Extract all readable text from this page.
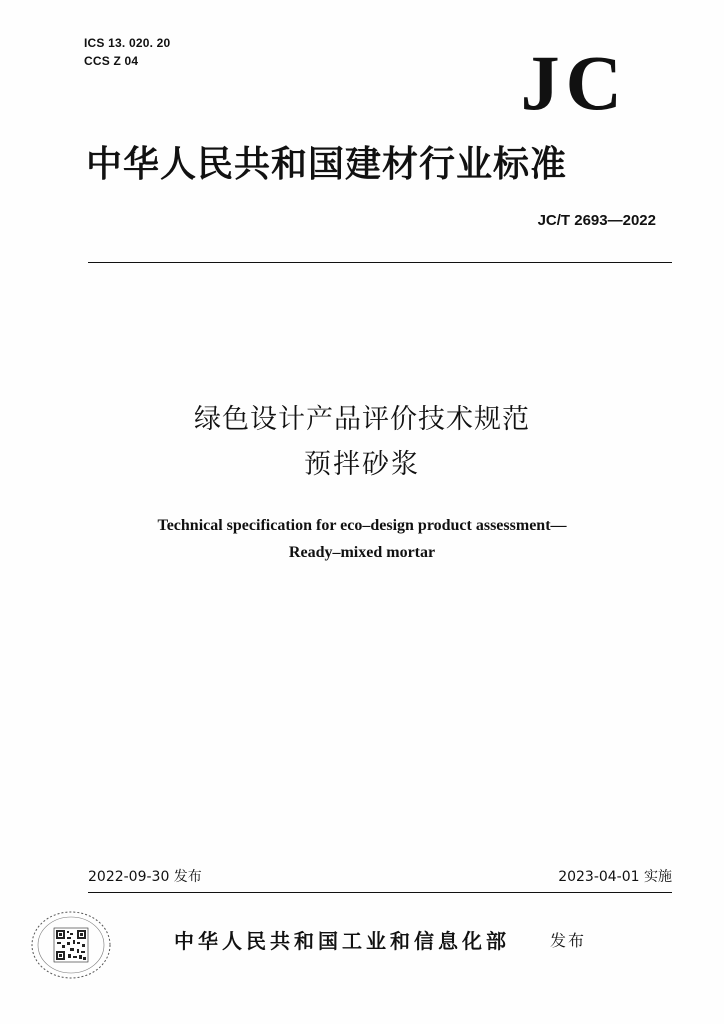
ICS 13. 020. 20
CCS Z 04	JC
中华人民共和国建材行业标准
JC/T 2693—2022
绿色设计产品评价技术规范
预拌砂浆
Technical specification for eco–design product assessment—
Ready–mixed mortar
2022-09-30 发布	2023-04-01 实施
中华人民共和国工业和信息化部	发布
